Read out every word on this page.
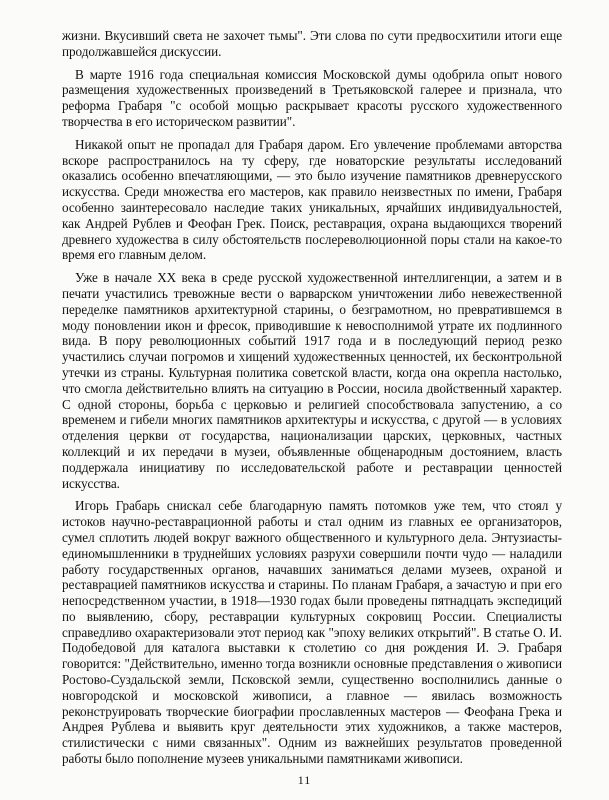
жизни. Вкусивший света не захочет тьмы". Эти слова по сути предвосхитили итоги еще продолжавшейся дискуссии.

В марте 1916 года специальная комиссия Московской думы одобрила опыт нового размещения художественных произведений в Третьяковской галерее и признала, что реформа Грабаря "с особой мощью раскрывает красоты русского художественного творчества в его историческом развитии".

Никакой опыт не пропадал для Грабаря даром. Его увлечение проблемами авторства вскоре распространилось на ту сферу, где новаторские результаты исследований оказались особенно впечатляющими, — это было изучение памятников древнерусского искусства. Среди множества его мастеров, как правило неизвестных по имени, Грабаря особенно заинтересовало наследие таких уникальных, ярчайших индивидуальностей, как Андрей Рублев и Феофан Грек. Поиск, реставрация, охрана выдающихся творений древнего художества в силу обстоятельств послереволюционной поры стали на какое-то время его главным делом.

Уже в начале XX века в среде русской художественной интеллигенции, а затем и в печати участились тревожные вести о варварском уничтожении либо невежественной переделке памятников архитектурной старины, о безграмотном, но превратившемся в моду поновлении икон и фресок, приводившие к невосполнимой утрате их подлинного вида. В пору революционных событий 1917 года и в последующий период резко участились случаи погромов и хищений художественных ценностей, их бесконтрольной утечки из страны. Культурная политика советской власти, когда она окрепла настолько, что смогла действительно влиять на ситуацию в России, носила двойственный характер. С одной стороны, борьба с церковью и религией способствовала запустению, а со временем и гибели многих памятников архитектуры и искусства, с другой — в условиях отделения церкви от государства, национализации царских, церковных, частных коллекций и их передачи в музеи, объявленные общенародным достоянием, власть поддержала инициативу по исследовательской работе и реставрации ценностей искусства.

Игорь Грабарь снискал себе благодарную память потомков уже тем, что стоял у истоков научно-реставрационной работы и стал одним из главных ее организаторов, сумел сплотить людей вокруг важного общественного и культурного дела. Энтузиасты-единомышленники в труднейших условиях разрухи совершили почти чудо — наладили работу государственных органов, начавших заниматься делами музеев, охраной и реставрацией памятников искусства и старины. По планам Грабаря, а зачастую и при его непосредственном участии, в 1918—1930 годах были проведены пятнадцать экспедиций по выявлению, сбору, реставрации культурных сокровищ России. Специалисты справедливо охарактеризовали этот период как "эпоху великих открытий". В статье О. И. Подобедовой для каталога выставки к столетию со дня рождения И. Э. Грабаря говорится: "Действительно, именно тогда возникли основные представления о живописи Ростово-Суздальской земли, Псковской земли, существенно восполнились данные о новгородской и московской живописи, а главное — явилась возможность реконструировать творческие биографии прославленных мастеров — Феофана Грека и Андрея Рублева и выявить круг деятельности этих художников, а также мастеров, стилистически с ними связанных". Одним из важнейших результатов проведенной работы было пополнение музеев уникальными памятниками живописи.

11
